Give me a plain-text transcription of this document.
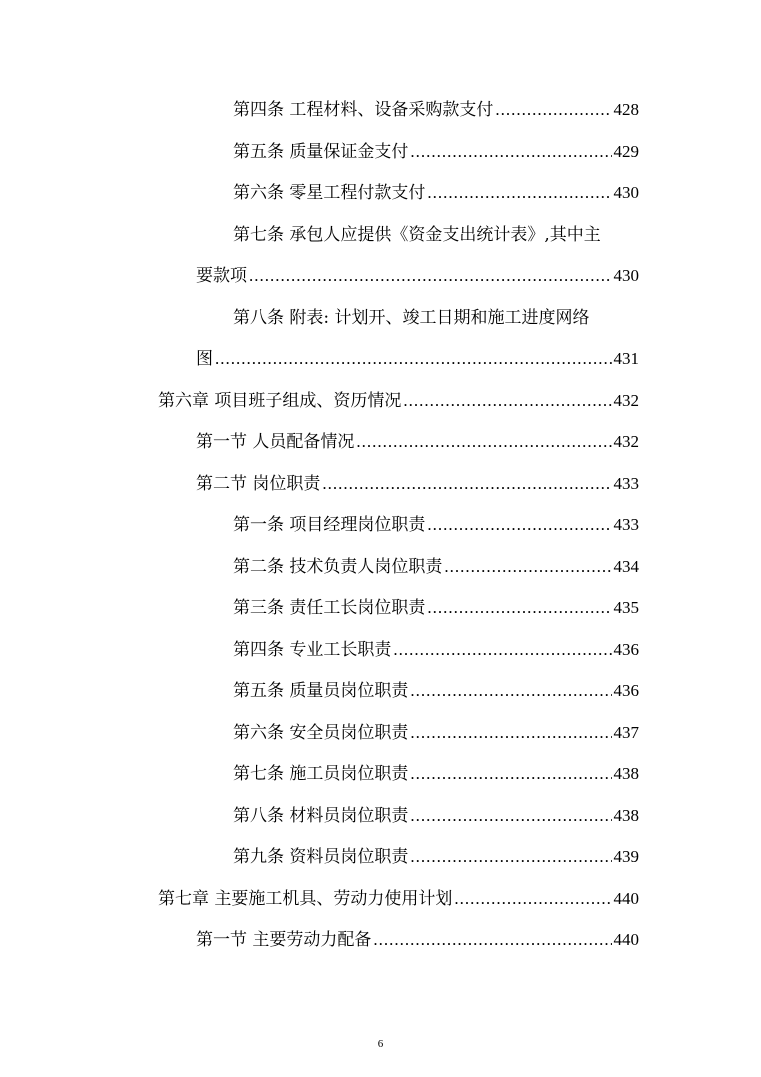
第四条 工程材料、设备采购款支付 .....	428
第五条 质量保证金支付 .....	429
第六条 零星工程付款支付 .....	430
第七条 承包人应提供《资金支出统计表》,其中主
要款项 .....	430
第八条 附表: 计划开、竣工日期和施工进度网络
图 .....	431
第六章 项目班子组成、资历情况 .....	432
第一节 人员配备情况 .....	432
第二节 岗位职责 .....	433
第一条 项目经理岗位职责 .....	433
第二条 技术负责人岗位职责 .....	434
第三条 责任工长岗位职责 .....	435
第四条 专业工长职责 .....	436
第五条 质量员岗位职责 .....	436
第六条 安全员岗位职责 .....	437
第七条 施工员岗位职责 .....	438
第八条 材料员岗位职责 .....	438
第九条 资料员岗位职责 .....	439
第七章 主要施工机具、劳动力使用计划 .....	440
第一节 主要劳动力配备 .....	440
6
